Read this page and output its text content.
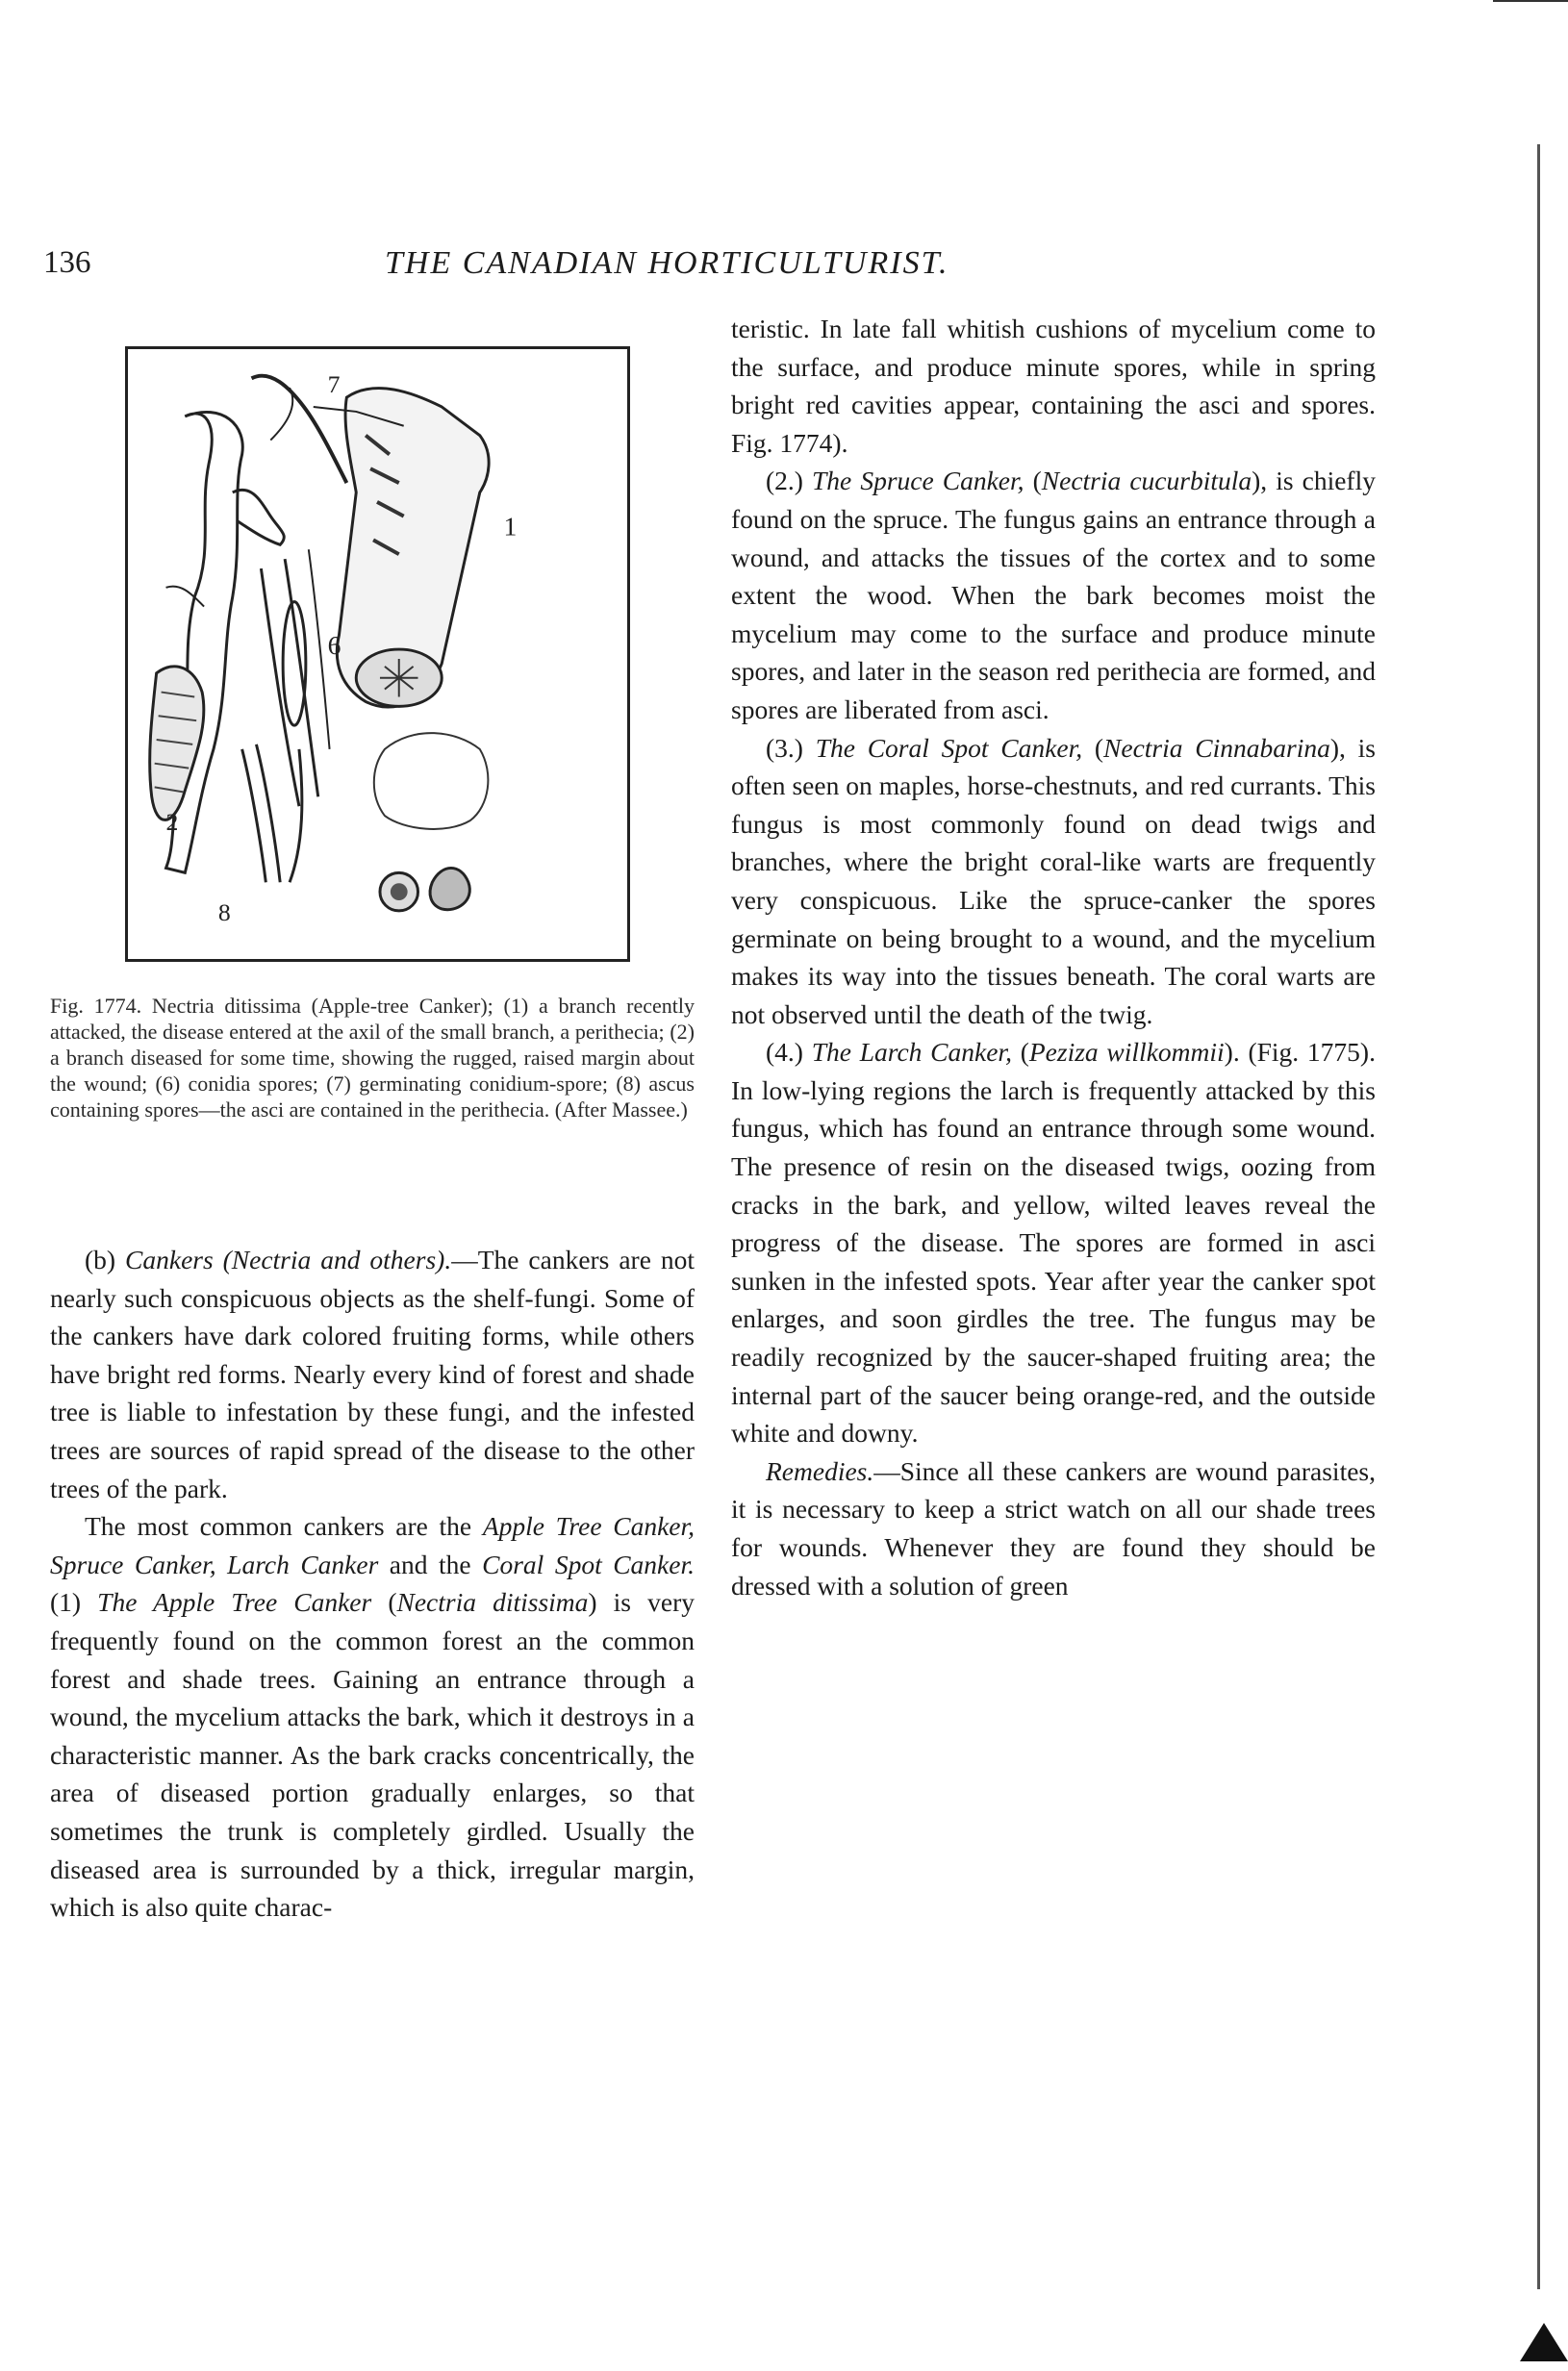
136	THE CANADIAN HORTICULTURIST.
7
1
6
2
8
Fig. 1774. Nectria ditissima (Apple-tree Canker); (1) a branch recently attacked, the disease entered at the axil of the small branch, a perithecia; (2) a branch diseased for some time, showing the rugged, raised margin about the wound; (6) conidia spores; (7) germinating conidium-spore; (8) ascus containing spores—the asci are contained in the perithecia. (After Massee.)

(b) Cankers (Nectria and others).—The cankers are not nearly such conspicuous objects as the shelf-fungi. Some of the cankers have dark colored fruiting forms, while others have bright red forms. Nearly every kind of forest and shade tree is liable to infestation by these fungi, and the infested trees are sources of rapid spread of the disease to the other trees of the park.

The most common cankers are the Apple Tree Canker, Spruce Canker, Larch Canker and the Coral Spot Canker. (1) The Apple Tree Canker (Nectria ditissima) is very frequently found on the common forest an the common forest and shade trees. Gaining an entrance through a wound, the mycelium attacks the bark, which it destroys in a characteristic manner. As the bark cracks concentrically, the area of diseased portion gradually enlarges, so that sometimes the trunk is completely girdled. Usually the diseased area is surrounded by a thick, irregular margin, which is also quite charac-

teristic. In late fall whitish cushions of mycelium come to the surface, and produce minute spores, while in spring bright red cavities appear, containing the asci and spores. Fig. 1774).

(2.) The Spruce Canker, (Nectria cucurbitula), is chiefly found on the spruce. The fungus gains an entrance through a wound, and attacks the tissues of the cortex and to some extent the wood. When the bark becomes moist the mycelium may come to the surface and produce minute spores, and later in the season red perithecia are formed, and spores are liberated from asci.

(3.) The Coral Spot Canker, (Nectria Cinnabarina), is often seen on maples, horse-chestnuts, and red currants. This fungus is most commonly found on dead twigs and branches, where the bright coral-like warts are frequently very conspicuous. Like the spruce-canker the spores germinate on being brought to a wound, and the mycelium makes its way into the tissues beneath. The coral warts are not observed until the death of the twig.

(4.) The Larch Canker, (Peziza willkommii). (Fig. 1775). In low-lying regions the larch is frequently attacked by this fungus, which has found an entrance through some wound. The presence of resin on the diseased twigs, oozing from cracks in the bark, and yellow, wilted leaves reveal the progress of the disease. The spores are formed in asci sunken in the infested spots. Year after year the canker spot enlarges, and soon girdles the tree. The fungus may be readily recognized by the saucer-shaped fruiting area; the internal part of the saucer being orange-red, and the outside white and downy.

Remedies.—Since all these cankers are wound parasites, it is necessary to keep a strict watch on all our shade trees for wounds. Whenever they are found they should be dressed with a solution of green
